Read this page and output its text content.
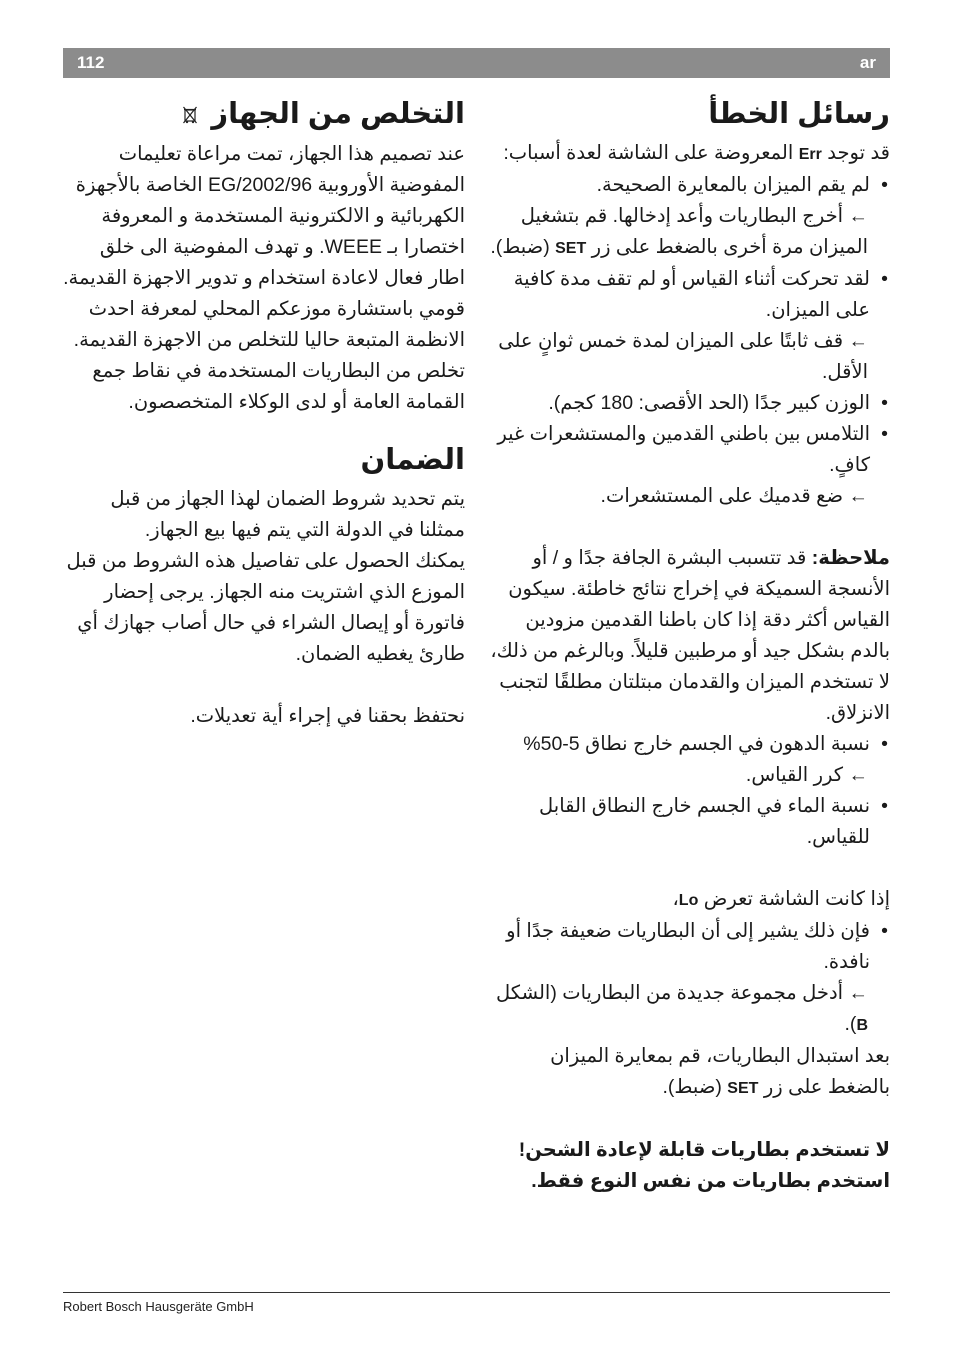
112	ar
رسائل الخطأ

قد توجد Err المعروضة على الشاشة لعدة أسباب:

• لم يقم الميزان بالمعايرة الصحيحة.

← أخرج البطاريات وأعد إدخالها. قم بتشغيل الميزان مرة أخرى بالضغط على زر SET (ضبط).

• لقد تحركت أثناء القياس أو لم تقف مدة كافية على الميزان.

← قف ثابتًا على الميزان لمدة خمس ثوانٍ على الأقل.

• الوزن كبير جدًا (الحد الأقصى: 180 كجم).

• التلامس بين باطني القدمين والمستشعرات غير كافٍ.

← ضع قدميك على المستشعرات.

ملاحظة: قد تتسبب البشرة الجافة جدًا و / أو الأنسجة السميكة في إخراج نتائج خاطئة. سيكون القياس أكثر دقة إذا كان باطنا القدمين مزودين بالدم بشكل جيد أو مرطبين قليلاً. وبالرغم من ذلك، لا تستخدم الميزان والقدمان مبتلتان مطلقًا لتجنب الانزلاق.

• نسبة الدهون في الجسم خارج نطاق 5-50%

← كرر القياس.

• نسبة الماء في الجسم خارج النطاق القابل للقياس.

إذا كانت الشاشة تعرض Lo،

• فإن ذلك يشير إلى أن البطاريات ضعيفة جدًا أو نافدة.

← أدخل مجموعة جديدة من البطاريات (الشكل B).

بعد استبدال البطاريات، قم بمعايرة الميزان بالضغط على زر SET (ضبط).

لا تستخدم بطاريات قابلة لإعادة الشحن!

استخدم بطاريات من نفس النوع فقط.

التخلص من الجهاز

عند تصميم هذا الجهاز، تمت مراعاة تعليمات المفوضية الأوروبية 2002/96/EG الخاصة بالأجهزة الكهربائية و الالكترونية المستخدمة و المعروفة اختصارا بـ WEEE. و تهدف المفوضية الى خلق اطار فعال لاعادة استخدام و تدوير الاجهزة القديمة.

قومي باستشارة موزعكم المحلي لمعرفة احدث الانظمة المتبعة حاليا للتخلص من الاجهزة القديمة.

تخلص من البطاريات المستخدمة في نقاط جمع القمامة العامة أو لدى الوكلاء المتخصصون.

الضمان

يتم تحديد شروط الضمان لهذا الجهاز من قبل ممثلنا في الدولة التي يتم فيها بيع الجهاز.

يمكنك الحصول على تفاصيل هذه الشروط من قبل الموزع الذي اشتريت منه الجهاز. يرجى إحضار فاتورة أو إيصال الشراء في حال أصاب جهازك أي طارئ يغطيه الضمان.

نحتفظ بحقنا في إجراء أية تعديلات.

Robert Bosch Hausgeräte GmbH
